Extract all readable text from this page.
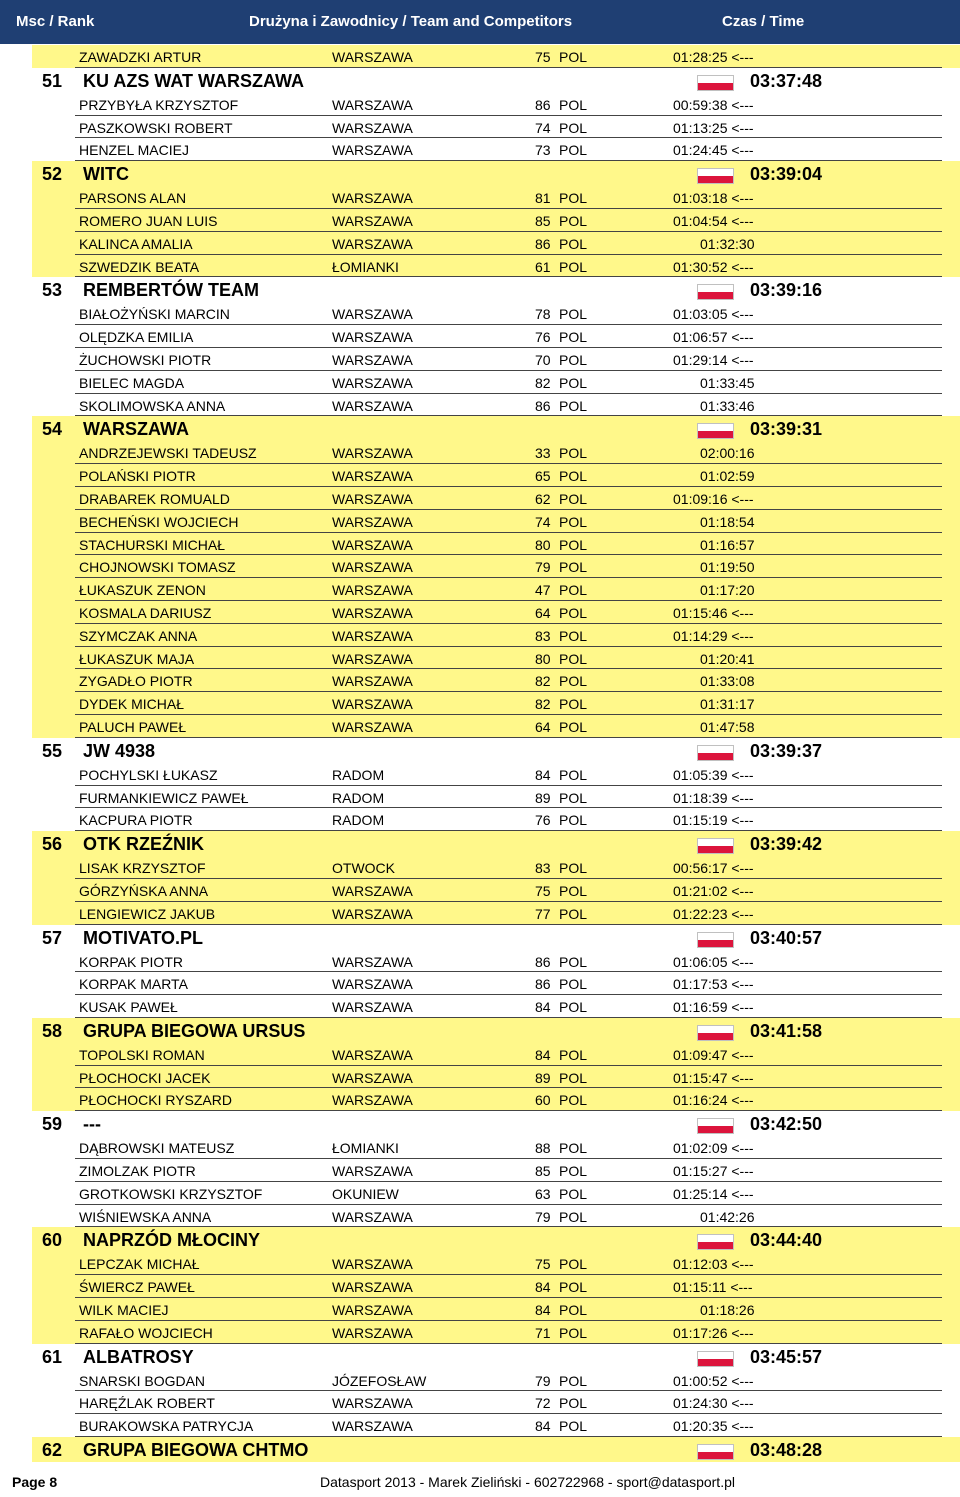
Msc / Rank	Drużyna i Zawodnicy / Team and Competitors	Czas / Time
ZAWADZKI ARTUR	WARSZAWA	75 POL	01:28:25 <---
51 KU AZS WAT WARSZAWA	03:37:48
PRZYBYŁA KRZYSZTOF	WARSZAWA	86 POL	00:59:38 <---
PASZKOWSKI ROBERT	WARSZAWA	74 POL	01:13:25 <---
HENZEL MACIEJ	WARSZAWA	73 POL	01:24:45 <---
52 WITC	03:39:04
PARSONS ALAN	WARSZAWA	81 POL	01:03:18 <---
ROMERO JUAN LUIS	WARSZAWA	85 POL	01:04:54 <---
KALINCA AMALIA	WARSZAWA	86 POL	01:32:30
SZWEDZIK BEATA	ŁOMIANKI	61 POL	01:30:52 <---
53 REMBERTÓW TEAM	03:39:16
BIAŁOŻYŃSKI MARCIN	WARSZAWA	78 POL	01:03:05 <---
OLĘDZKA EMILIA	WARSZAWA	76 POL	01:06:57 <---
ŻUCHOWSKI PIOTR	WARSZAWA	70 POL	01:29:14 <---
BIELEC MAGDA	WARSZAWA	82 POL	01:33:45
SKOLIMOWSKA ANNA	WARSZAWA	86 POL	01:33:46
54 WARSZAWA	03:39:31
ANDRZEJEWSKI TADEUSZ	WARSZAWA	33 POL	02:00:16
POLAŃSKI PIOTR	WARSZAWA	65 POL	01:02:59
DRABAREK ROMUALD	WARSZAWA	62 POL	01:09:16 <---
BECHEŃSKI WOJCIECH	WARSZAWA	74 POL	01:18:54
STACHURSKI MICHAŁ	WARSZAWA	80 POL	01:16:57
CHOJNOWSKI TOMASZ	WARSZAWA	79 POL	01:19:50
ŁUKASZUK ZENON	WARSZAWA	47 POL	01:17:20
KOSMALA DARIUSZ	WARSZAWA	64 POL	01:15:46 <---
SZYMCZAK ANNA	WARSZAWA	83 POL	01:14:29 <---
ŁUKASZUK MAJA	WARSZAWA	80 POL	01:20:41
ZYGADŁO PIOTR	WARSZAWA	82 POL	01:33:08
DYDEK MICHAŁ	WARSZAWA	82 POL	01:31:17
PALUCH PAWEŁ	WARSZAWA	64 POL	01:47:58
55 JW 4938	03:39:37
POCHYLSKI ŁUKASZ	RADOM	84 POL	01:05:39 <---
FURMANKIEWICZ PAWEŁ	RADOM	89 POL	01:18:39 <---
KACPURA PIOTR	RADOM	76 POL	01:15:19 <---
56 OTK RZEŹNIK	03:39:42
LISAK KRZYSZTOF	OTWOCK	83 POL	00:56:17 <---
GÓRZYŃSKA ANNA	WARSZAWA	75 POL	01:21:02 <---
LENGIEWICZ JAKUB	WARSZAWA	77 POL	01:22:23 <---
57 MOTIVATO.PL	03:40:57
KORPAK PIOTR	WARSZAWA	86 POL	01:06:05 <---
KORPAK MARTA	WARSZAWA	86 POL	01:17:53 <---
KUSAK PAWEŁ	WARSZAWA	84 POL	01:16:59 <---
58 GRUPA BIEGOWA URSUS	03:41:58
TOPOLSKI ROMAN	WARSZAWA	84 POL	01:09:47 <---
PŁOCHOCKI JACEK	WARSZAWA	89 POL	01:15:47 <---
PŁOCHOCKI RYSZARD	WARSZAWA	60 POL	01:16:24 <---
59 ---	03:42:50
DĄBROWSKI MATEUSZ	ŁOMIANKI	88 POL	01:02:09 <---
ZIMOLZAK PIOTR	WARSZAWA	85 POL	01:15:27 <---
GROTKOWSKI KRZYSZTOF	OKUNIEW	63 POL	01:25:14 <---
WIŚNIEWSKA ANNA	WARSZAWA	79 POL	01:42:26
60 NAPRZÓD MŁOCINY	03:44:40
LEPCZAK MICHAŁ	WARSZAWA	75 POL	01:12:03 <---
ŚWIERCZ PAWEŁ	WARSZAWA	84 POL	01:15:11 <---
WILK MACIEJ	WARSZAWA	84 POL	01:18:26
RAFAŁO WOJCIECH	WARSZAWA	71 POL	01:17:26 <---
61 ALBATROSY	03:45:57
SNARSKI BOGDAN	JÓZEFOSŁAW	79 POL	01:00:52 <---
HARĘŹLAK ROBERT	WARSZAWA	72 POL	01:24:30 <---
BURAKOWSKA PATRYCJA	WARSZAWA	84 POL	01:20:35 <---
62 GRUPA BIEGOWA CHTMO	03:48:28
Page 8	Datasport 2013 - Marek Zieliński - 602722968 - sport@datasport.pl
